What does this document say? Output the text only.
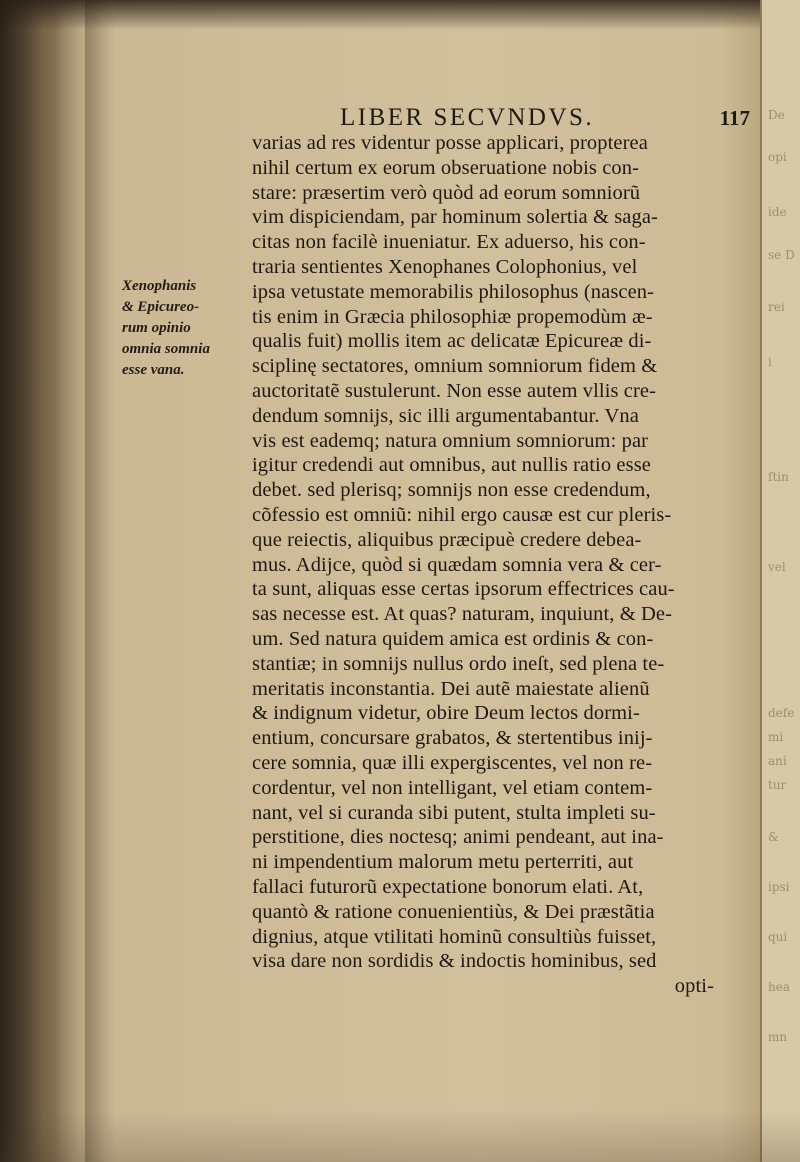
De
opi
ide
se D
rei
i
ſtin
vel
defe
mi
ani
tur
&
ipsi
qui
hea
mn
LIBER SECVNDVS.	117
Xenophanis
& Epicureo-
rum opinio
omnia somnia
esse vana.
varias ad res videntur posse applicari, propterea
nihil certum ex eorum obseruatione nobis con-
stare: præsertim verò quòd ad eorum somniorũ
vim dispiciendam, par hominum solertia & saga-
citas non facilè inueniatur. Ex aduerso, his con-
traria sentientes Xenophanes Colophonius, vel
ipsa vetustate memorabilis philosophus (nascen-
tis enim in Græcia philosophiæ propemodùm æ-
qualis fuit) mollis item ac delicatæ Epicureæ di-
sciplinę sectatores, omnium somniorum fidem &
auctoritatẽ sustulerunt. Non esse autem vllis cre-
dendum somnijs, sic illi argumentabantur. Vna
vis est eademq; natura omnium somniorum: par
igitur credendi aut omnibus, aut nullis ratio esse
debet. sed plerisq; somnijs non esse credendum,
cõfessio est omniũ: nihil ergo causæ est cur pleris-
que reiectis, aliquibus præcipuè credere debea-
mus. Adijce, quòd si quædam somnia vera & cer-
ta sunt, aliquas esse certas ipsorum effectrices cau-
sas necesse est. At quas? naturam, inquiunt, & De-
um. Sed natura quidem amica est ordinis & con-
stantiæ; in somnijs nullus ordo ineſt, sed plena te-
meritatis inconstantia. Dei autẽ maiestate alienũ
& indignum videtur, obire Deum lectos dormi-
entium, concursare grabatos, & stertentibus inij-
cere somnia, quæ illi expergiscentes, vel non re-
cordentur, vel non intelligant, vel etiam contem-
nant, vel si curanda sibi putent, stulta impleti su-
perstitione, dies noctesq; animi pendeant, aut ina-
ni impendentium malorum metu perterriti, aut
fallaci futurorũ expectatione bonorum elati. At,
quantò & ratione conuenientiùs, & Dei præstãtia
dignius, atque vtilitati hominũ consultiùs fuisset,
visa dare non sordidis & indoctis hominibus, sed
opti-
